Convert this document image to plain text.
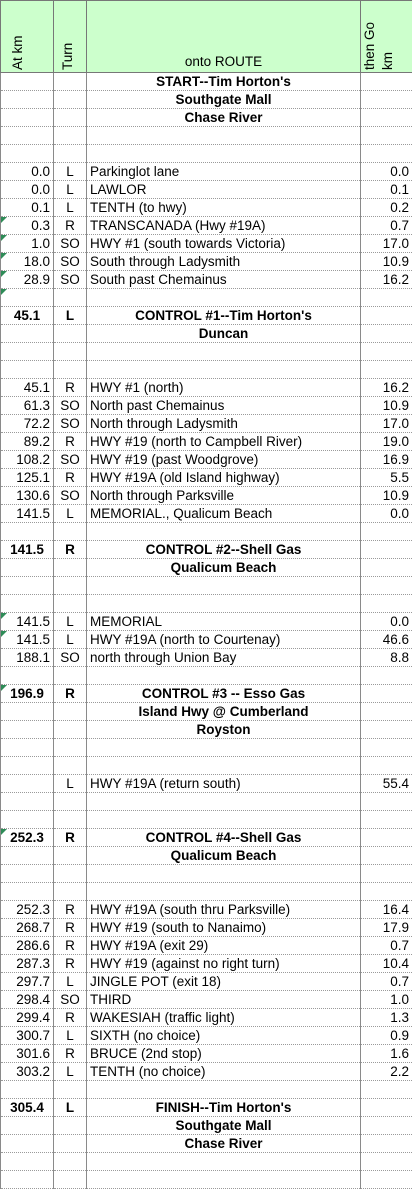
At km	Turn	onto ROUTE	then Go km

		START--Tim Horton's	
		Southgate Mall	
		Chase River	

0.0	L	Parkinglot lane	0.0
0.0	L	LAWLOR	0.1
0.1	L	TENTH (to hwy)	0.2

0.3	R	TRANSCANADA (Hwy #19A)	0.7

1.0	SO	HWY #1 (south towards Victoria)	17.0

18.0	SO	South through Ladysmith	10.9

28.9	SO	South past Chemainus	16.2

45.1	L	CONTROL #1--Tim Horton's	
		Duncan	

45.1	R	HWY #1 (north)	16.2
61.3	SO	North past Chemainus	10.9
72.2	SO	North through Ladysmith	17.0
89.2	R	HWY #19 (north to Campbell River)	19.0
108.2	SO	HWY #19 (past Woodgrove)	16.9
125.1	R	HWY #19A (old Island highway)	5.5
130.6	SO	North through Parksville	10.9
141.5	L	MEMORIAL., Qualicum Beach	0.0

141.5	R	CONTROL #2--Shell Gas	
		Qualicum Beach	

141.5	L	MEMORIAL	0.0

141.5	L	HWY #19A (north to Courtenay)	46.6
188.1	SO	north through Union Bay	8.8

196.9	R	CONTROL #3 -- Esso Gas	
		Island Hwy @ Cumberland	
		Royston	

	L	HWY #19A (return south)	55.4

252.3	R	CONTROL #4--Shell Gas	
		Qualicum Beach	

252.3	R	HWY #19A (south thru Parksville)	16.4
268.7	R	HWY #19 (south to Nanaimo)	17.9
286.6	R	HWY #19A (exit 29)	0.7
287.3	R	HWY #19 (against no right turn)	10.4
297.7	L	JINGLE POT (exit 18)	0.7
298.4	SO	THIRD	1.0
299.4	R	WAKESIAH (traffic light)	1.3
300.7	L	SIXTH (no choice)	0.9
301.6	R	BRUCE (2nd stop)	1.6
303.2	L	TENTH (no choice)	2.2

305.4	L	FINISH--Tim Horton's	
		Southgate Mall	
		Chase River	
